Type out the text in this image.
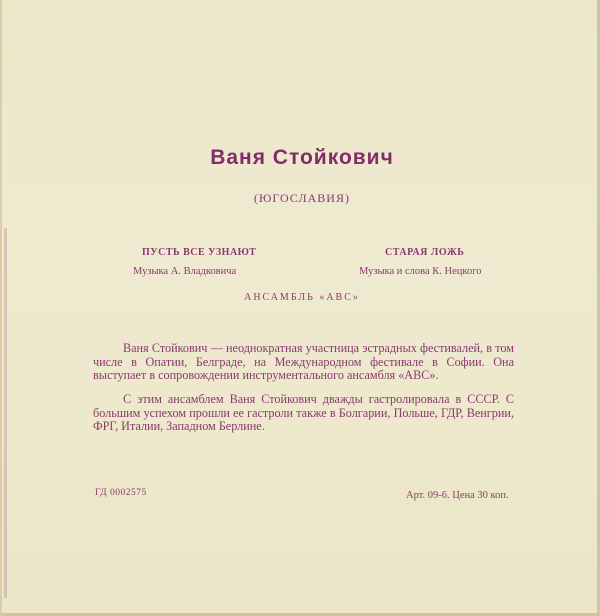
Ваня Стойкович

(ЮГОСЛАВИЯ)

ПУСТЬ ВСЕ УЗНАЮТ

Музыка А. Владковича

СТАРАЯ ЛОЖЬ

Музыка и слова К. Нецкого

АНСАМБЛЬ «АВС»

Ваня Стойкович — неоднократная участница эстрадных фестивалей, в том числе в Опатии, Белграде, на Международном фестивале в Софии. Она выступает в сопровождении инструментального ансамбля «АВС».

С этим ансамблем Ваня Стойкович дважды гастролировала в СССР. С большим успехом прошли ее гастроли также в Болгарии, Польше, ГДР, Венгрии, ФРГ, Италии, Западном Берлине.

ГД 0002575	Арт. 09-6. Цена 30 коп.
